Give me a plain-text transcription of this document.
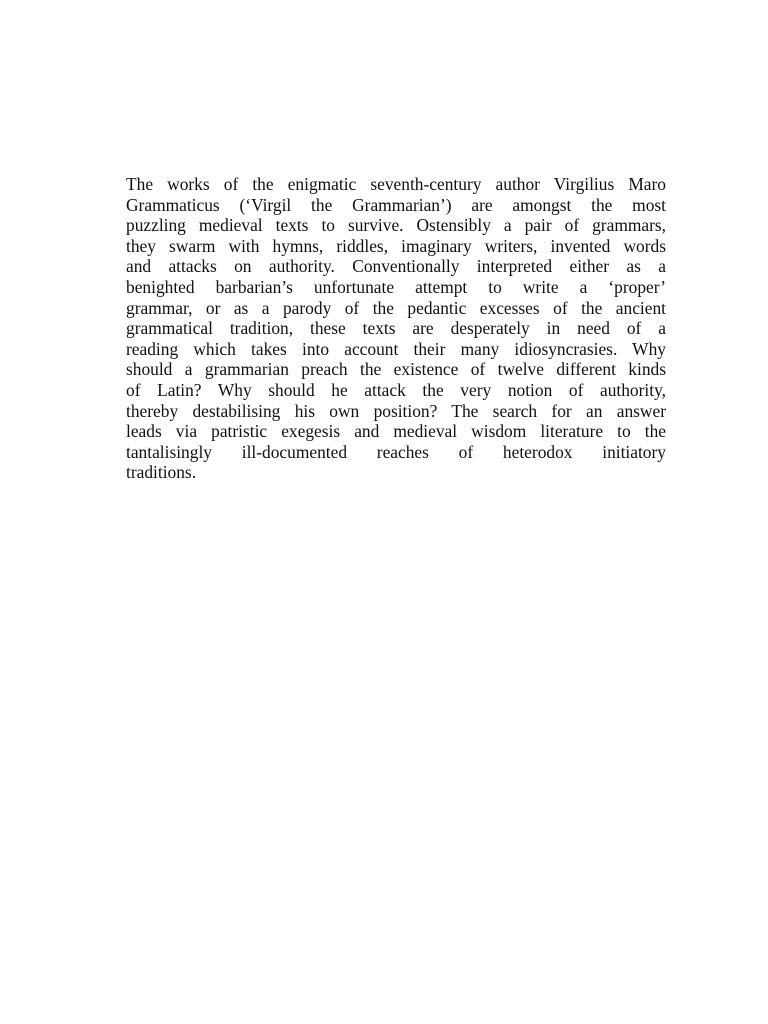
The works of the enigmatic seventh-century author Virgilius Maro
Grammaticus (‘Virgil the Grammarian’) are amongst the most
puzzling medieval texts to survive. Ostensibly a pair of grammars,
they swarm with hymns, riddles, imaginary writers, invented words
and attacks on authority. Conventionally interpreted either as a
benighted barbarian’s unfortunate attempt to write a ‘proper’
grammar, or as a parody of the pedantic excesses of the ancient
grammatical tradition, these texts are desperately in need of a
reading which takes into account their many idiosyncrasies. Why
should a grammarian preach the existence of twelve different kinds
of Latin? Why should he attack the very notion of authority,
thereby destabilising his own position? The search for an answer
leads via patristic exegesis and medieval wisdom literature to the
tantalisingly ill-documented reaches of heterodox initiatory
traditions.
